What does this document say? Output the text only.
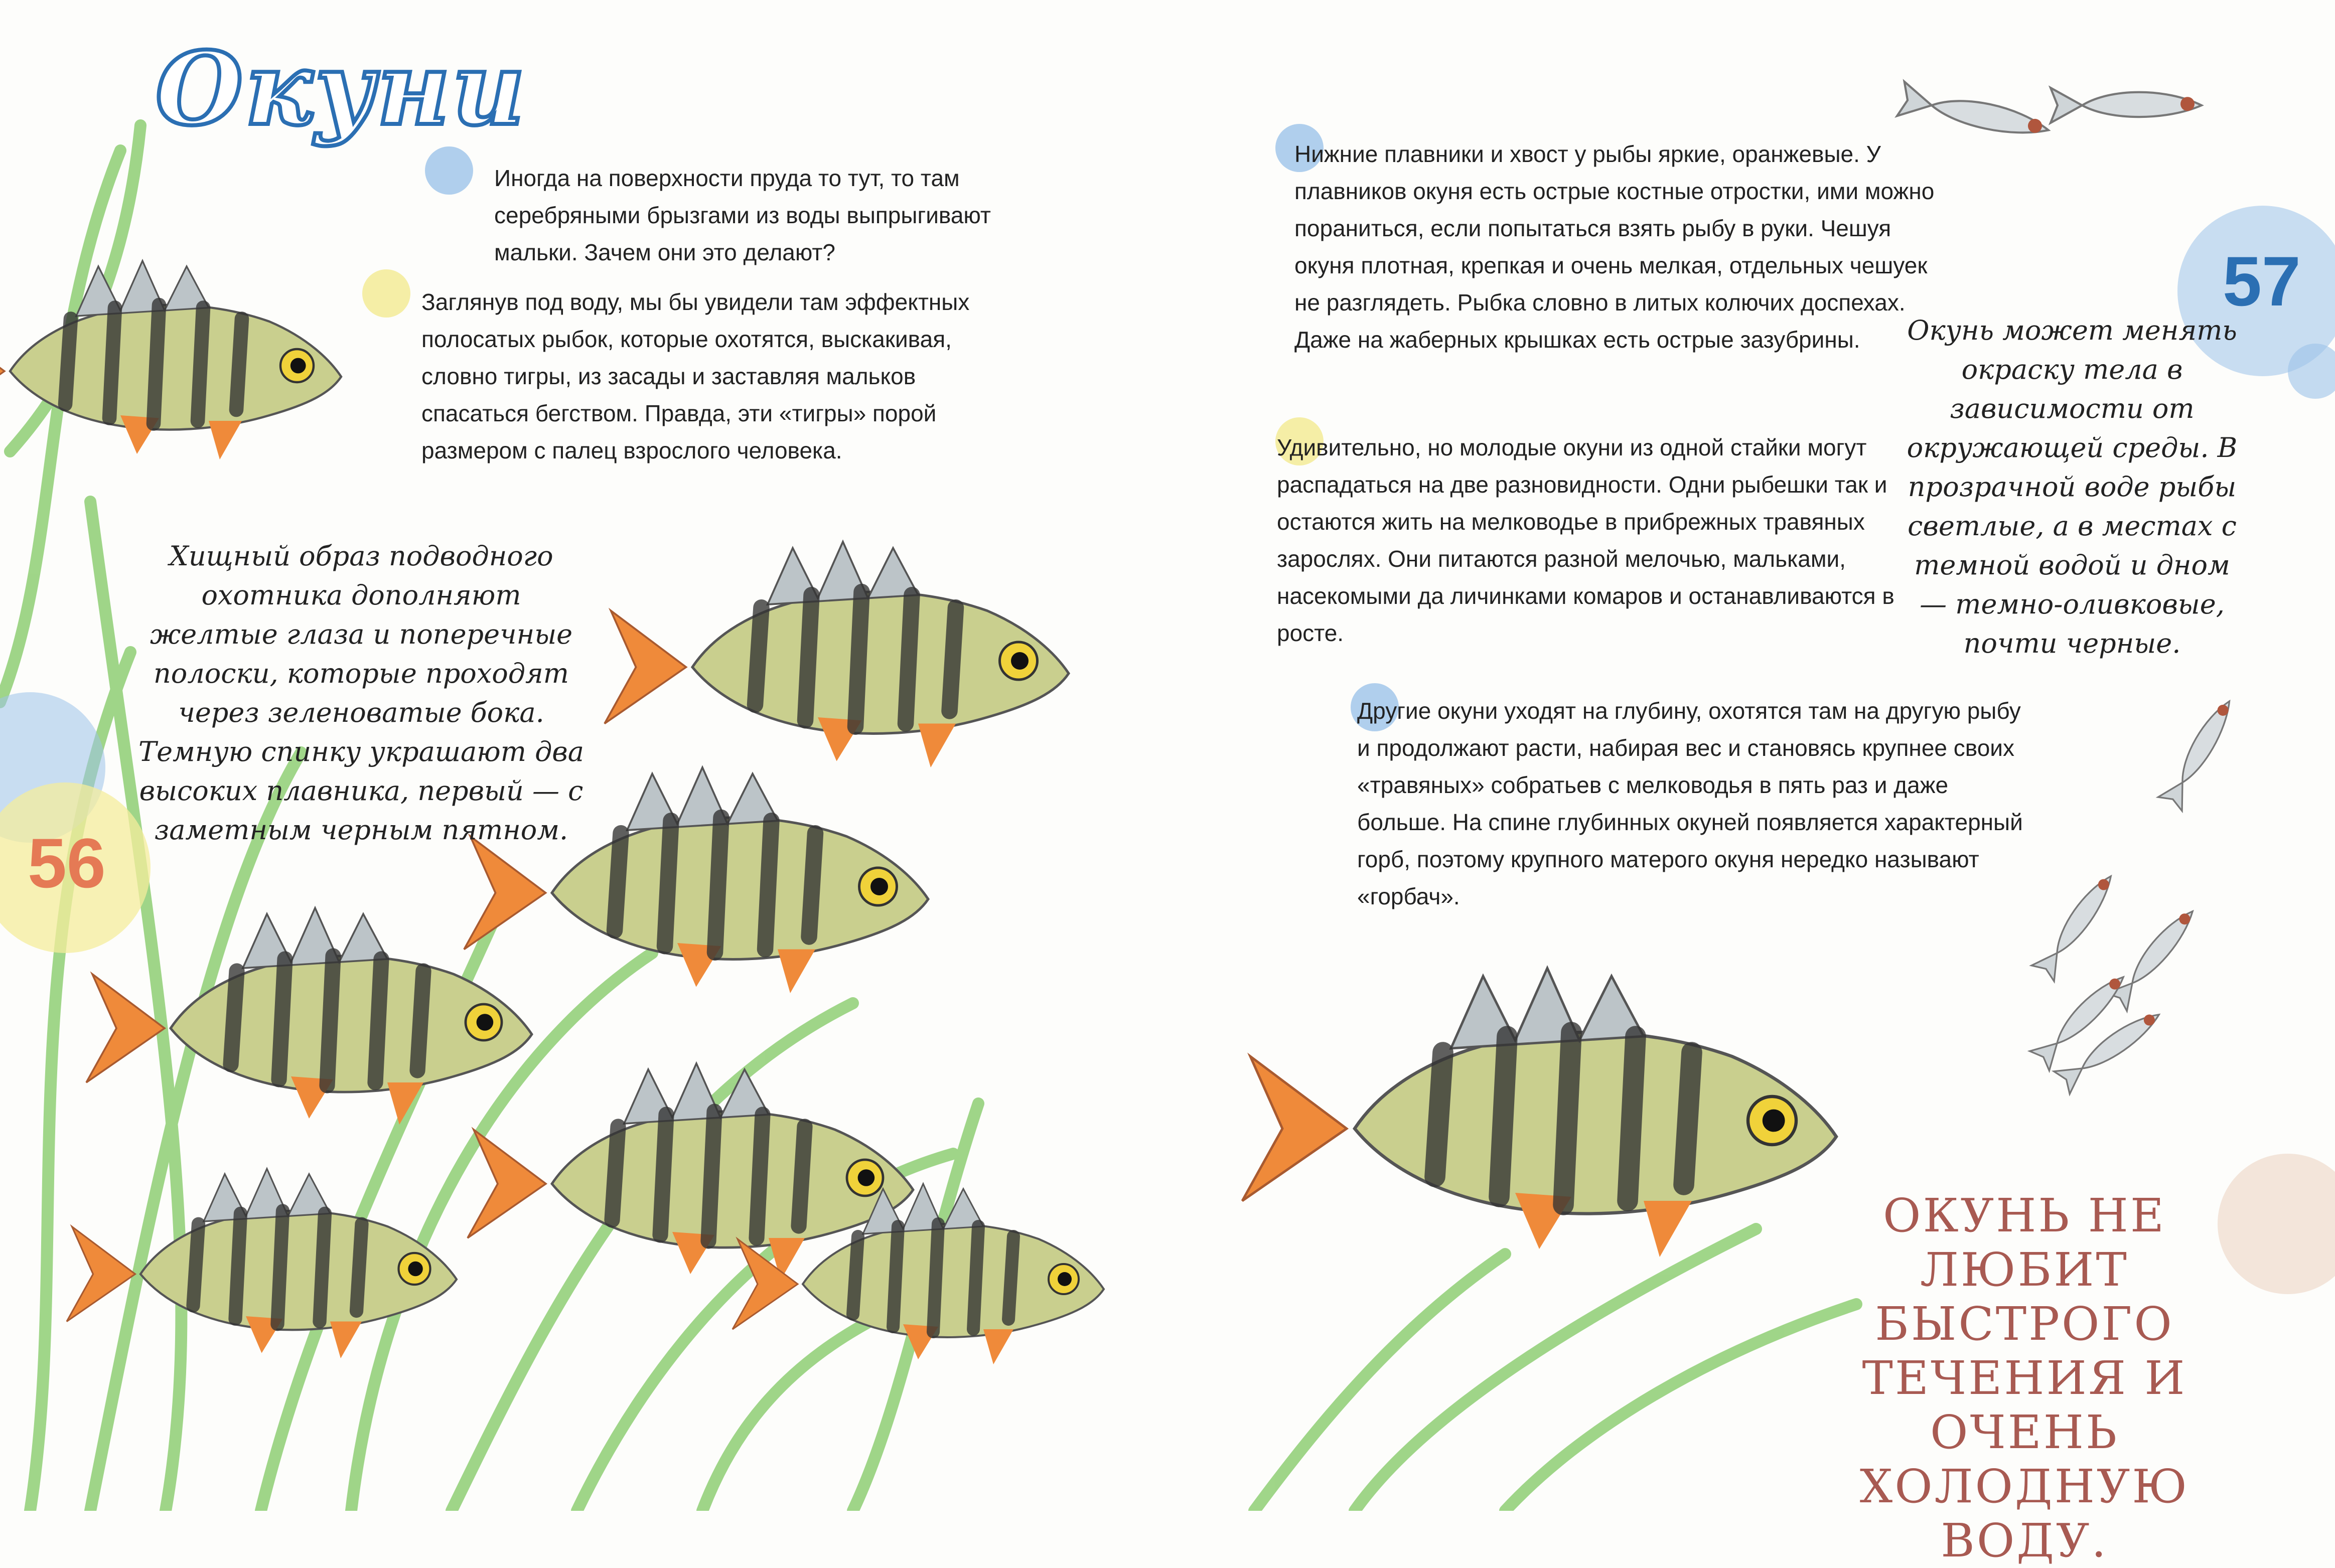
Окуни

Иногда на поверхности пруда то тут, то там серебряными брызгами из воды выпрыгивают мальки. Зачем они это делают?

Заглянув под воду, мы бы увидели там эффектных полосатых рыбок, которые охотятся, выскакивая, словно тигры, из засады и заставляя мальков спасаться бегством. Правда, эти «тигры» порой размером с палец взрослого человека.

Хищный образ подводного охотника дополняют желтые глаза и поперечные полоски, которые проходят через зеленоватые бока. Темную спинку украшают два высоких плавника, первый — с заметным черным пятном.
56

Нижние плавники и хвост у рыбы яркие, оранжевые. У плавников окуня есть острые костные отростки, ими можно пораниться, если попытаться взять рыбу в руки. Чешуя окуня плотная, крепкая и очень мелкая, отдельных чешуек не разглядеть. Рыбка словно в литых колючих доспехах. Даже на жаберных крышках есть острые зазубрины.

Удивительно, но молодые окуни из одной стайки могут распадаться на две разновидности. Одни рыбешки так и остаются жить на мелководье в прибрежных травяных зарослях. Они питаются разной мелочью, мальками, насекомыми да личинками комаров и останавливаются в росте.

Другие окуни уходят на глубину, охотятся там на другую рыбу и продолжают расти, набирая вес и становясь крупнее своих «травяных» собратьев с мелководья в пять раз и даже больше. На спине глубинных окуней появляется характерный горб, поэтому крупного матерого окуня нередко называют «горбач».

Окунь может менять окраску тела в зависимости от окружающей среды. В прозрачной воде рыбы светлые, а в местах с темной водой и дном — темно-оливковые, почти черные.
57
ОКУНЬ НЕ ЛЮБИТ БЫСТРОГО ТЕЧЕНИЯ И ОЧЕНЬ ХОЛОДНУЮ ВОДУ.
